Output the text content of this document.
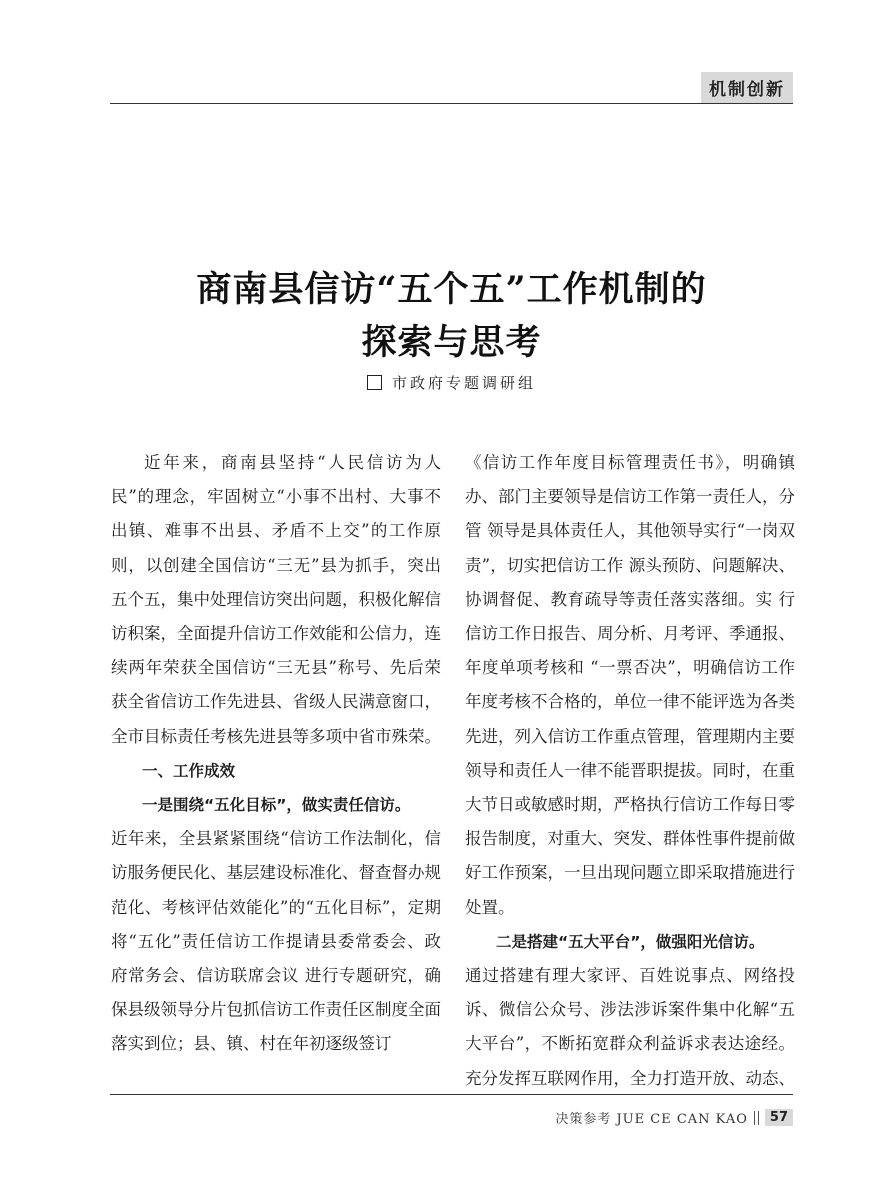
机制创新
商南县信访“五个五”工作机制的
探索与思考
市政府专题调研组

近年来，商南县坚持“人民信访为人民”的理念，牢固树立“小事不出村、大事不出镇、难事不出县、矛盾不上交”的工作原则，以创建全国信访“三无”县为抓手，突出五个五，集中处理信访突出问题，积极化解信访积案，全面提升信访工作效能和公信力，连续两年荣获全国信访“三无县”称号、先后荣获全省信访工作先进县、省级人民满意窗口，全市目标责任考核先进县等多项中省市殊荣。

一、工作成效

一是围绕“五化目标”，做实责任信访。

近年来，全县紧紧围绕“信访工作法制化，信访服务便民化、基层建设标准化、督查督办规范化、考核评估效能化”的“五化目标”，定期将“五化”责任信访工作提请县委常委会、政府常务会、信访联席会议 进行专题研究，确保县级领导分片包抓信访工作责任区制度全面落实到位；县、镇、村在年初逐级签订

《信访工作年度目标管理责任书》，明确镇办、部门主要领导是信访工作第一责任人，分管 领导是具体责任人，其他领导实行“一岗双责”，切实把信访工作 源头预防、问题解决、协调督促、教育疏导等责任落实落细。实 行信访工作日报告、周分析、月考评、季通报、年度单项考核和 “一票否决”，明确信访工作年度考核不合格的，单位一律不能评选为各类先进，列入信访工作重点管理，管理期内主要领导和责任人一律不能晋职提拔。同时，在重大节日或敏感时期，严格执行信访工作每日零报告制度，对重大、突发、群体性事件提前做好工作预案，一旦出现问题立即采取措施进行处置。

二是搭建“五大平台”，做强阳光信访。

通过搭建有理大家评、百姓说事点、网络投诉、微信公众号、涉法涉诉案件集中化解“五大平台”，不断拓宽群众利益诉求表达途经。充分发挥互联网作用，全力打造开放、动态、

决策参考 JUE CE CAN KAO	57
